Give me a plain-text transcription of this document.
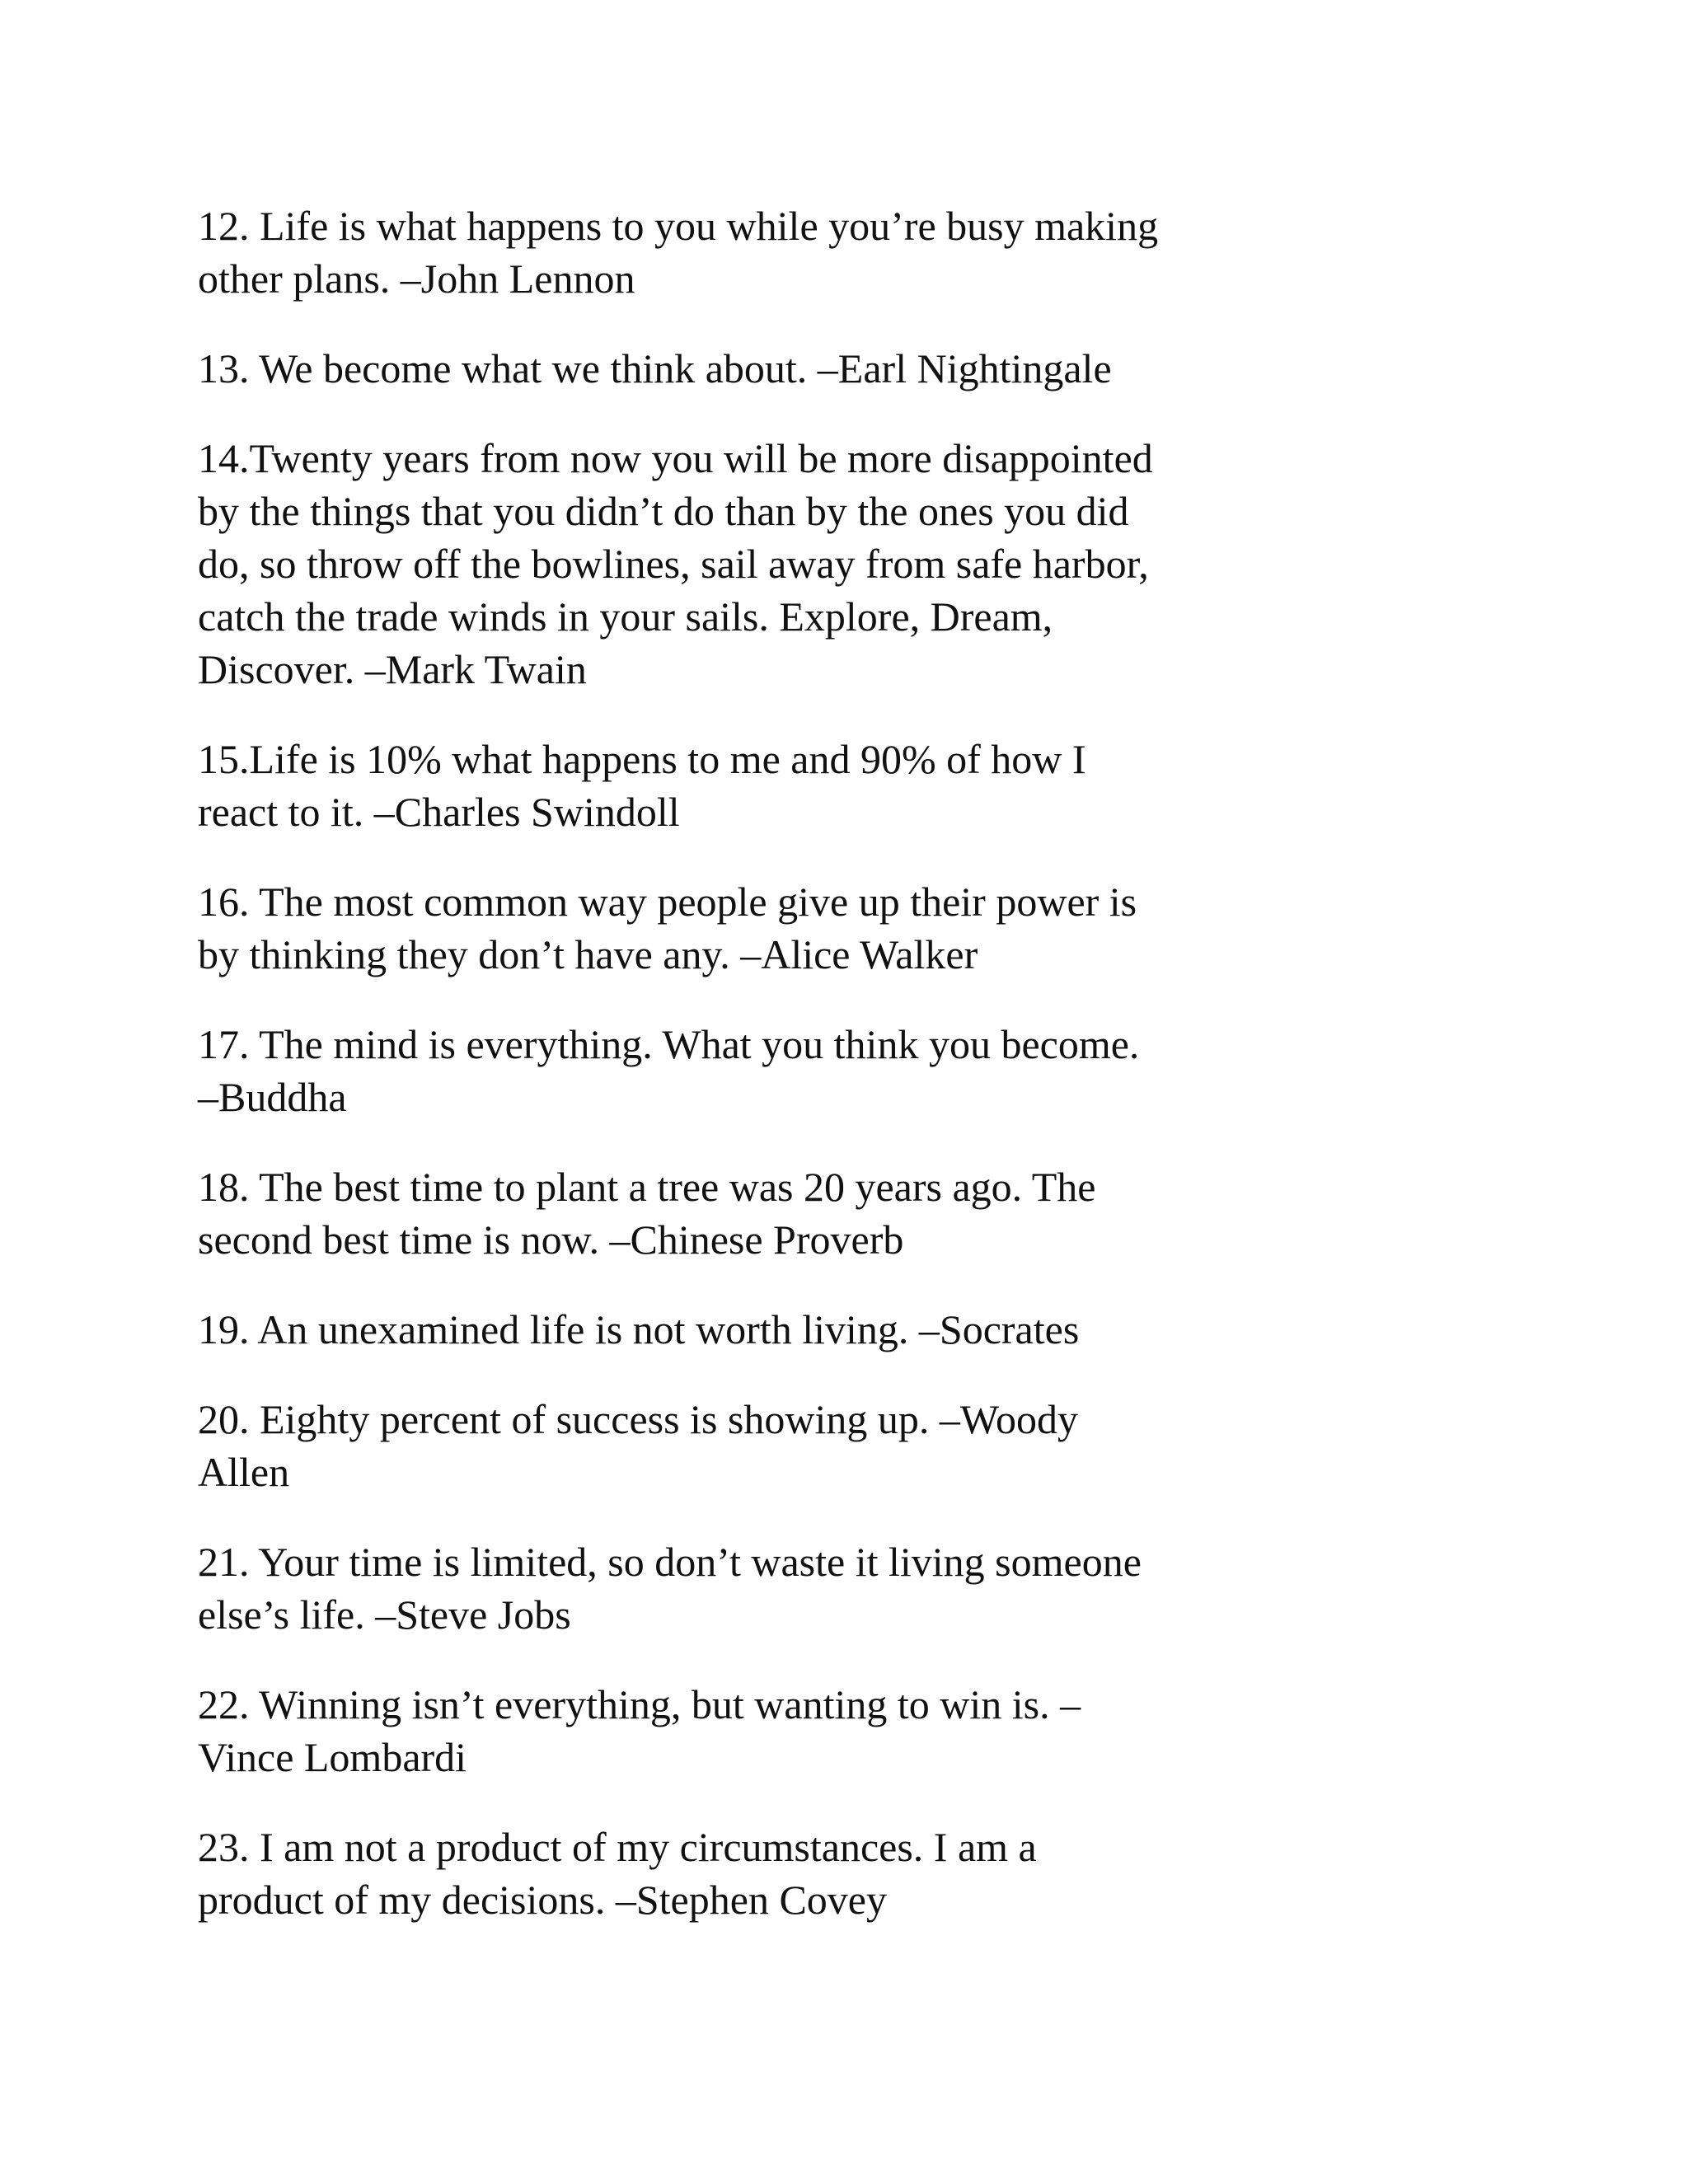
12. Life is what happens to you while you’re busy making
other plans. –John Lennon

13. We become what we think about. –Earl Nightingale

14.Twenty years from now you will be more disappointed
by the things that you didn’t do than by the ones you did
do, so throw off the bowlines, sail away from safe harbor,
catch the trade winds in your sails. Explore, Dream,
Discover. –Mark Twain

15.Life is 10% what happens to me and 90% of how I
react to it. –Charles Swindoll

16. The most common way people give up their power is
by thinking they don’t have any. –Alice Walker

17. The mind is everything. What you think you become.
–Buddha

18. The best time to plant a tree was 20 years ago. The
second best time is now. –Chinese Proverb

19. An unexamined life is not worth living. –Socrates

20. Eighty percent of success is showing up. –Woody
Allen

21. Your time is limited, so don’t waste it living someone
else’s life. –Steve Jobs

22. Winning isn’t everything, but wanting to win is. –
Vince Lombardi

23. I am not a product of my circumstances. I am a
product of my decisions. –Stephen Covey
